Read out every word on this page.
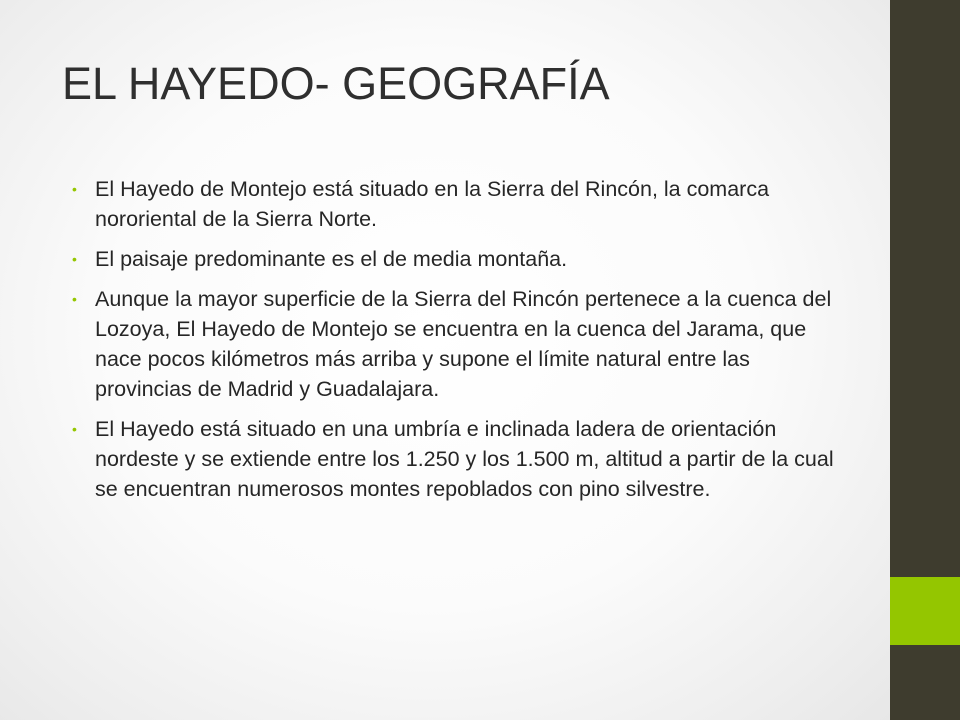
EL HAYEDO- GEOGRAFÍA
• El Hayedo de Montejo está situado en la Sierra del Rincón, la comarca nororiental de la Sierra Norte.
• El paisaje predominante es el de media montaña.
• Aunque la mayor superficie de la Sierra del Rincón pertenece a la cuenca del Lozoya, El Hayedo de Montejo se encuentra en la cuenca del Jarama, que nace pocos kilómetros más arriba y supone el límite natural entre las provincias de Madrid y Guadalajara.
• El Hayedo está situado en una umbría e inclinada ladera de orientación nordeste y se extiende entre los 1.250 y los 1.500 m, altitud a partir de la cual se encuentran numerosos montes repoblados con pino silvestre.
